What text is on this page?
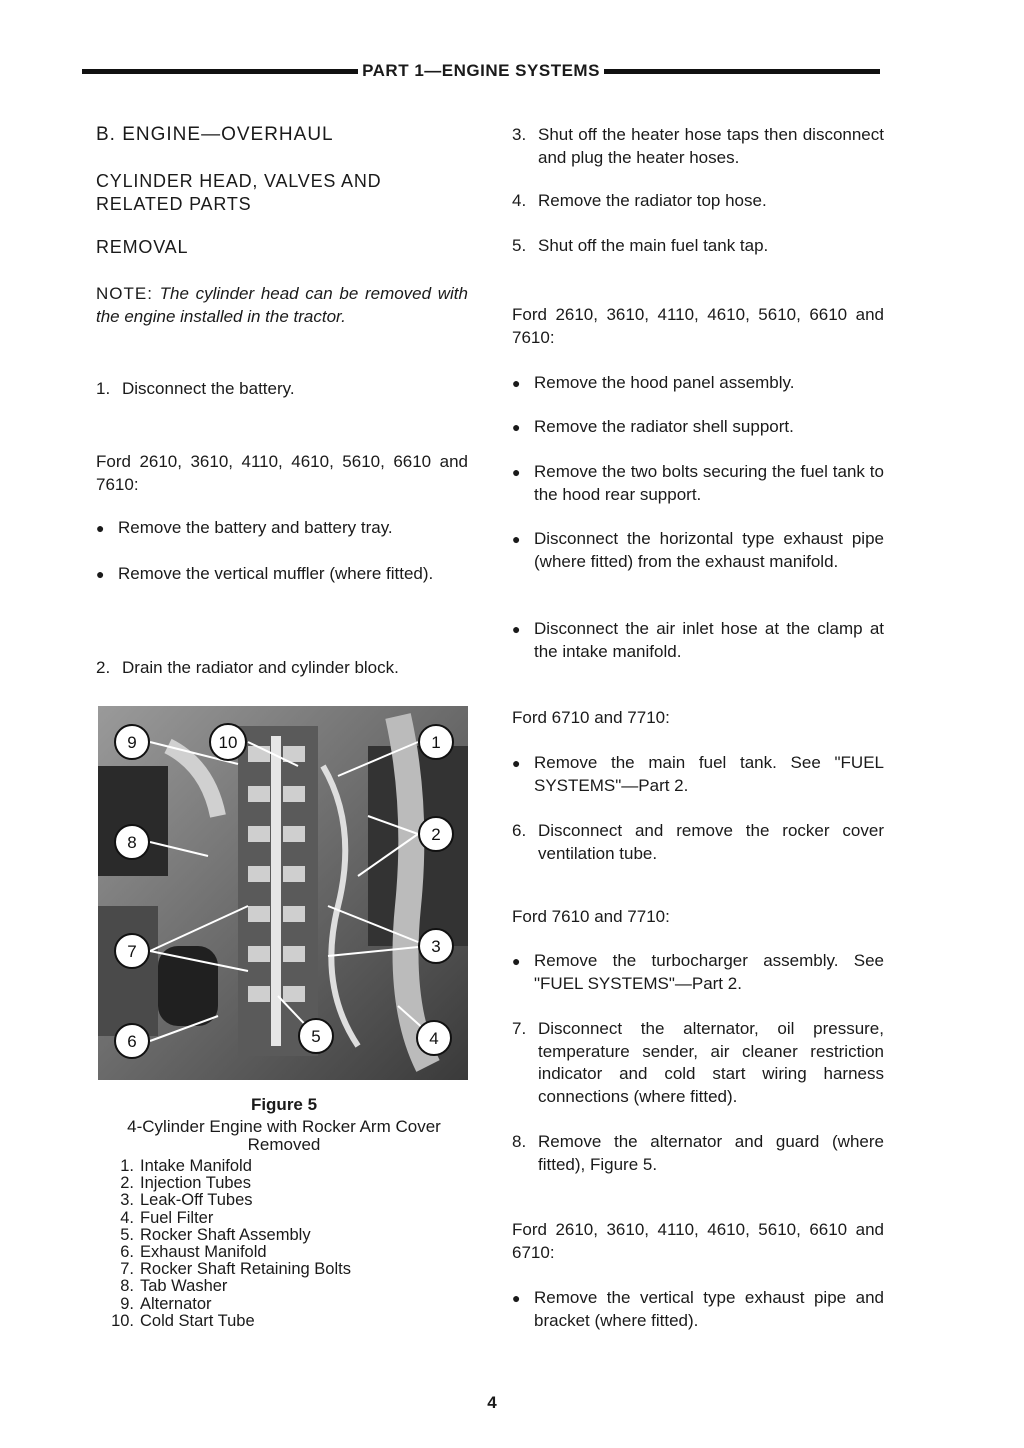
PART 1—ENGINE SYSTEMS
B. ENGINE—OVERHAUL
CYLINDER HEAD, VALVES AND
RELATED PARTS
REMOVAL
NOTE: The cylinder head can be removed with the engine installed in the tractor.
1. Disconnect the battery.
Ford 2610, 3610, 4110, 4610, 5610, 6610 and 7610:
● Remove the battery and battery tray.
● Remove the vertical muffler (where fitted).
2. Drain the radiator and cylinder block.
9	10	1
8	2
7	3
6	5	4
Figure 5
4-Cylinder Engine with Rocker Arm Cover
Removed
1. Intake Manifold
2. Injection Tubes
3. Leak-Off Tubes
4. Fuel Filter
5. Rocker Shaft Assembly
6. Exhaust Manifold
7. Rocker Shaft Retaining Bolts
8. Tab Washer
9. Alternator
10. Cold Start Tube
3. Shut off the heater hose taps then disconnect and plug the heater hoses.
4. Remove the radiator top hose.
5. Shut off the main fuel tank tap.
Ford 2610, 3610, 4110, 4610, 5610, 6610 and 7610:
● Remove the hood panel assembly.
● Remove the radiator shell support.
● Remove the two bolts securing the fuel tank to the hood rear support.
● Disconnect the horizontal type exhaust pipe (where fitted) from the exhaust manifold.
● Disconnect the air inlet hose at the clamp at the intake manifold.
Ford 6710 and 7710:
● Remove the main fuel tank. See "FUEL SYSTEMS"—Part 2.
6. Disconnect and remove the rocker cover ventilation tube.
Ford 7610 and 7710:
● Remove the turbocharger assembly. See "FUEL SYSTEMS"—Part 2.
7. Disconnect the alternator, oil pressure, temperature sender, air cleaner restriction indicator and cold start wiring harness connections (where fitted).
8. Remove the alternator and guard (where fitted), Figure 5.
Ford 2610, 3610, 4110, 4610, 5610, 6610 and 6710:
● Remove the vertical type exhaust pipe and bracket (where fitted).
4
